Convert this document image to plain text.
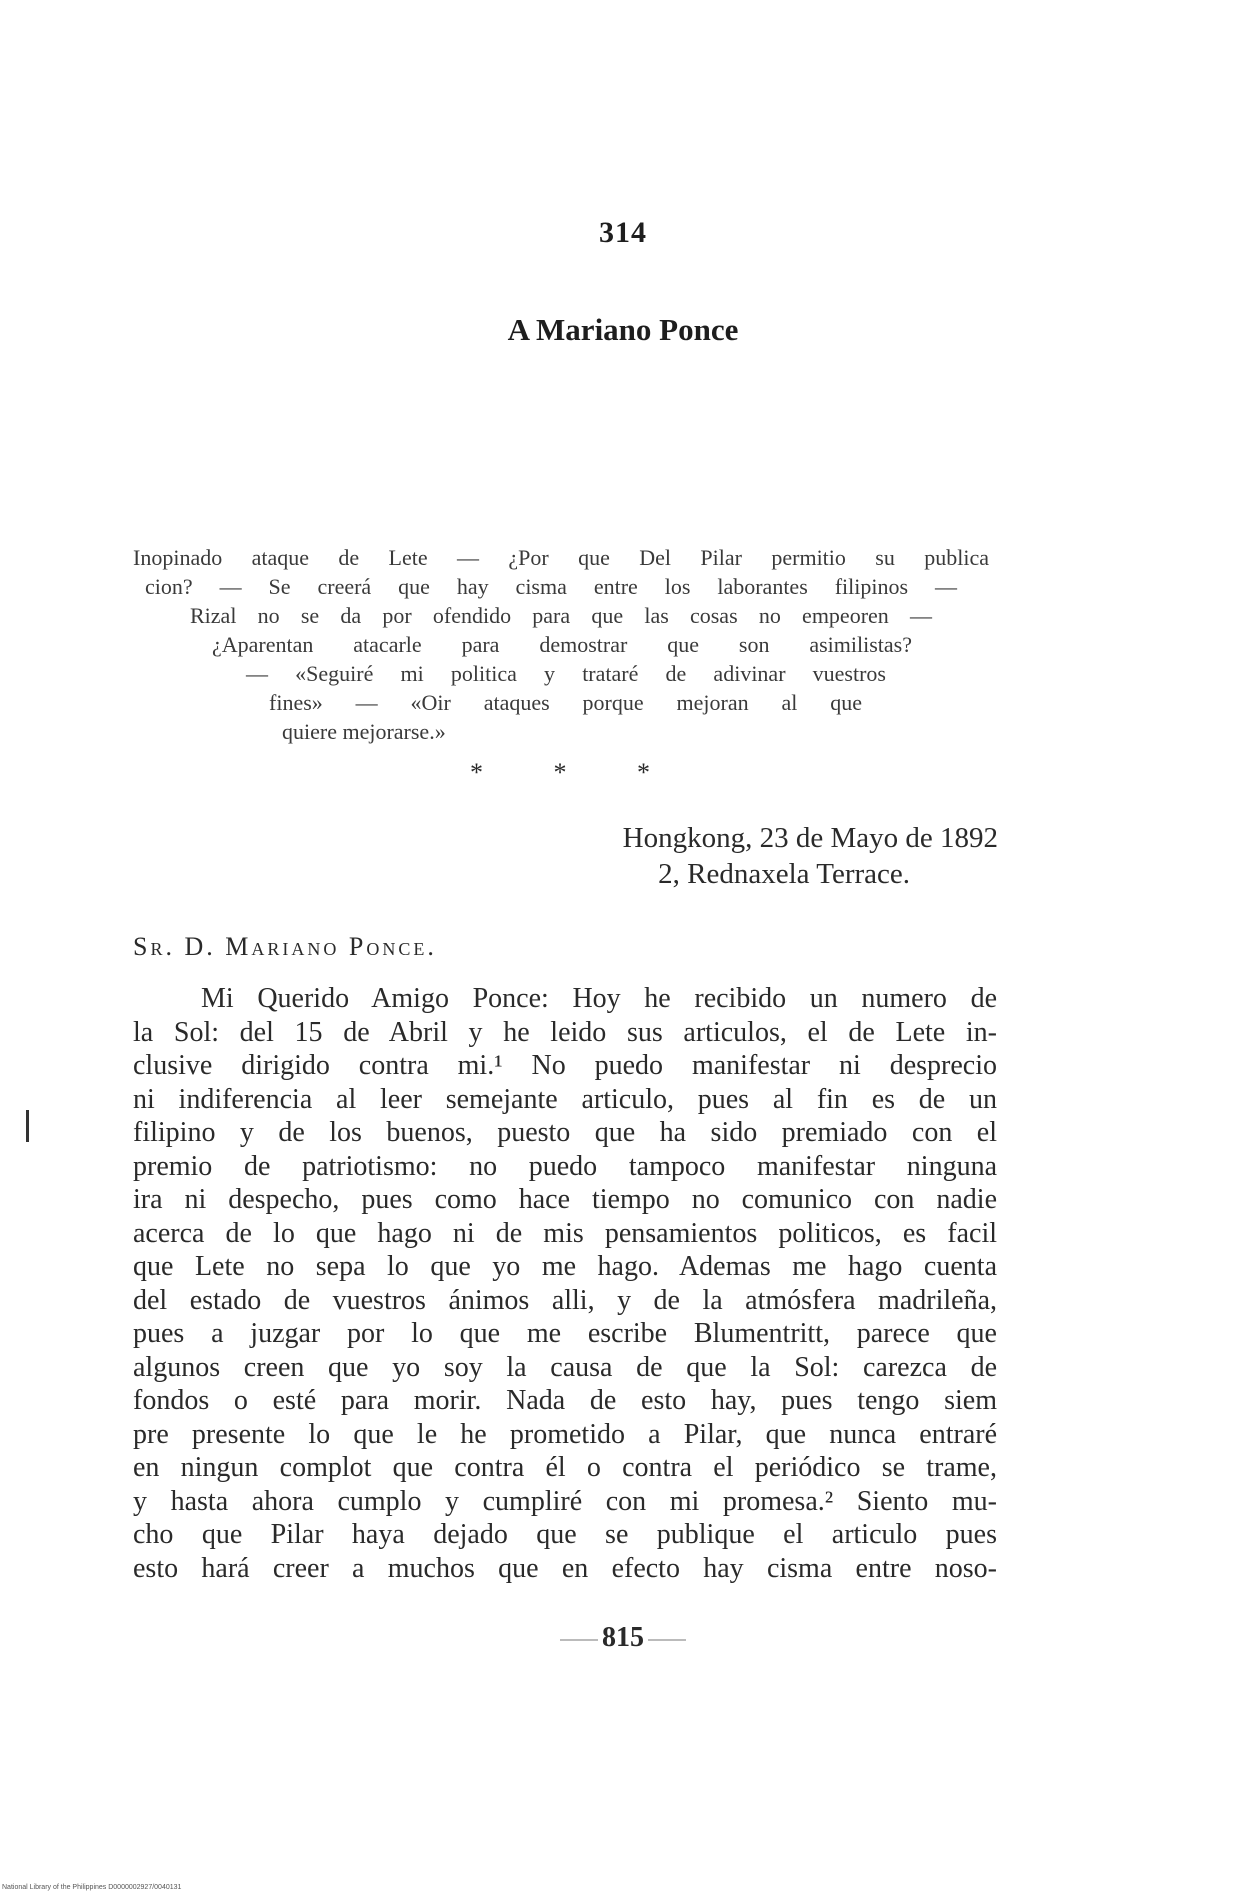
314
A Mariano Ponce
Inopinado ataque de Lete — ¿Por que Del Pilar permitio su publica
cion? — Se creerá que hay cisma entre los laborantes filipinos —
Rizal no se da por ofendido para que las cosas no empeoren —
¿Aparentan atacarle para demostrar que son asimilistas?
— «Seguiré mi politica y trataré de adivinar vuestros
fines» — «Oir ataques porque mejoran al que
quiere mejorarse.»
*	*	*
Hongkong, 23 de Mayo de 1892
2, Rednaxela Terrace.
Sr. D. Mariano Ponce.
Mi Querido Amigo Ponce: Hoy he recibido un numero de
la Sol: del 15 de Abril y he leido sus articulos, el de Lete in-
clusive dirigido contra mi.¹ No puedo manifestar ni desprecio
ni indiferencia al leer semejante articulo, pues al fin es de un
filipino y de los buenos, puesto que ha sido premiado con el
premio de patriotismo: no puedo tampoco manifestar ninguna
ira ni despecho, pues como hace tiempo no comunico con nadie
acerca de lo que hago ni de mis pensamientos politicos, es facil
que Lete no sepa lo que yo me hago. Ademas me hago cuenta
del estado de vuestros ánimos alli, y de la atmósfera madrileña,
pues a juzgar por lo que me escribe Blumentritt, parece que
algunos creen que yo soy la causa de que la Sol: carezca de
fondos o esté para morir. Nada de esto hay, pues tengo siem
pre presente lo que le he prometido a Pilar, que nunca entraré
en ningun complot que contra él o contra el periódico se trame,
y hasta ahora cumplo y cumpliré con mi promesa.² Siento mu-
cho que Pilar haya dejado que se publique el articulo pues
esto hará creer a muchos que en efecto hay cisma entre noso-
815
National Library of the Philippines D0000002927/0040131
